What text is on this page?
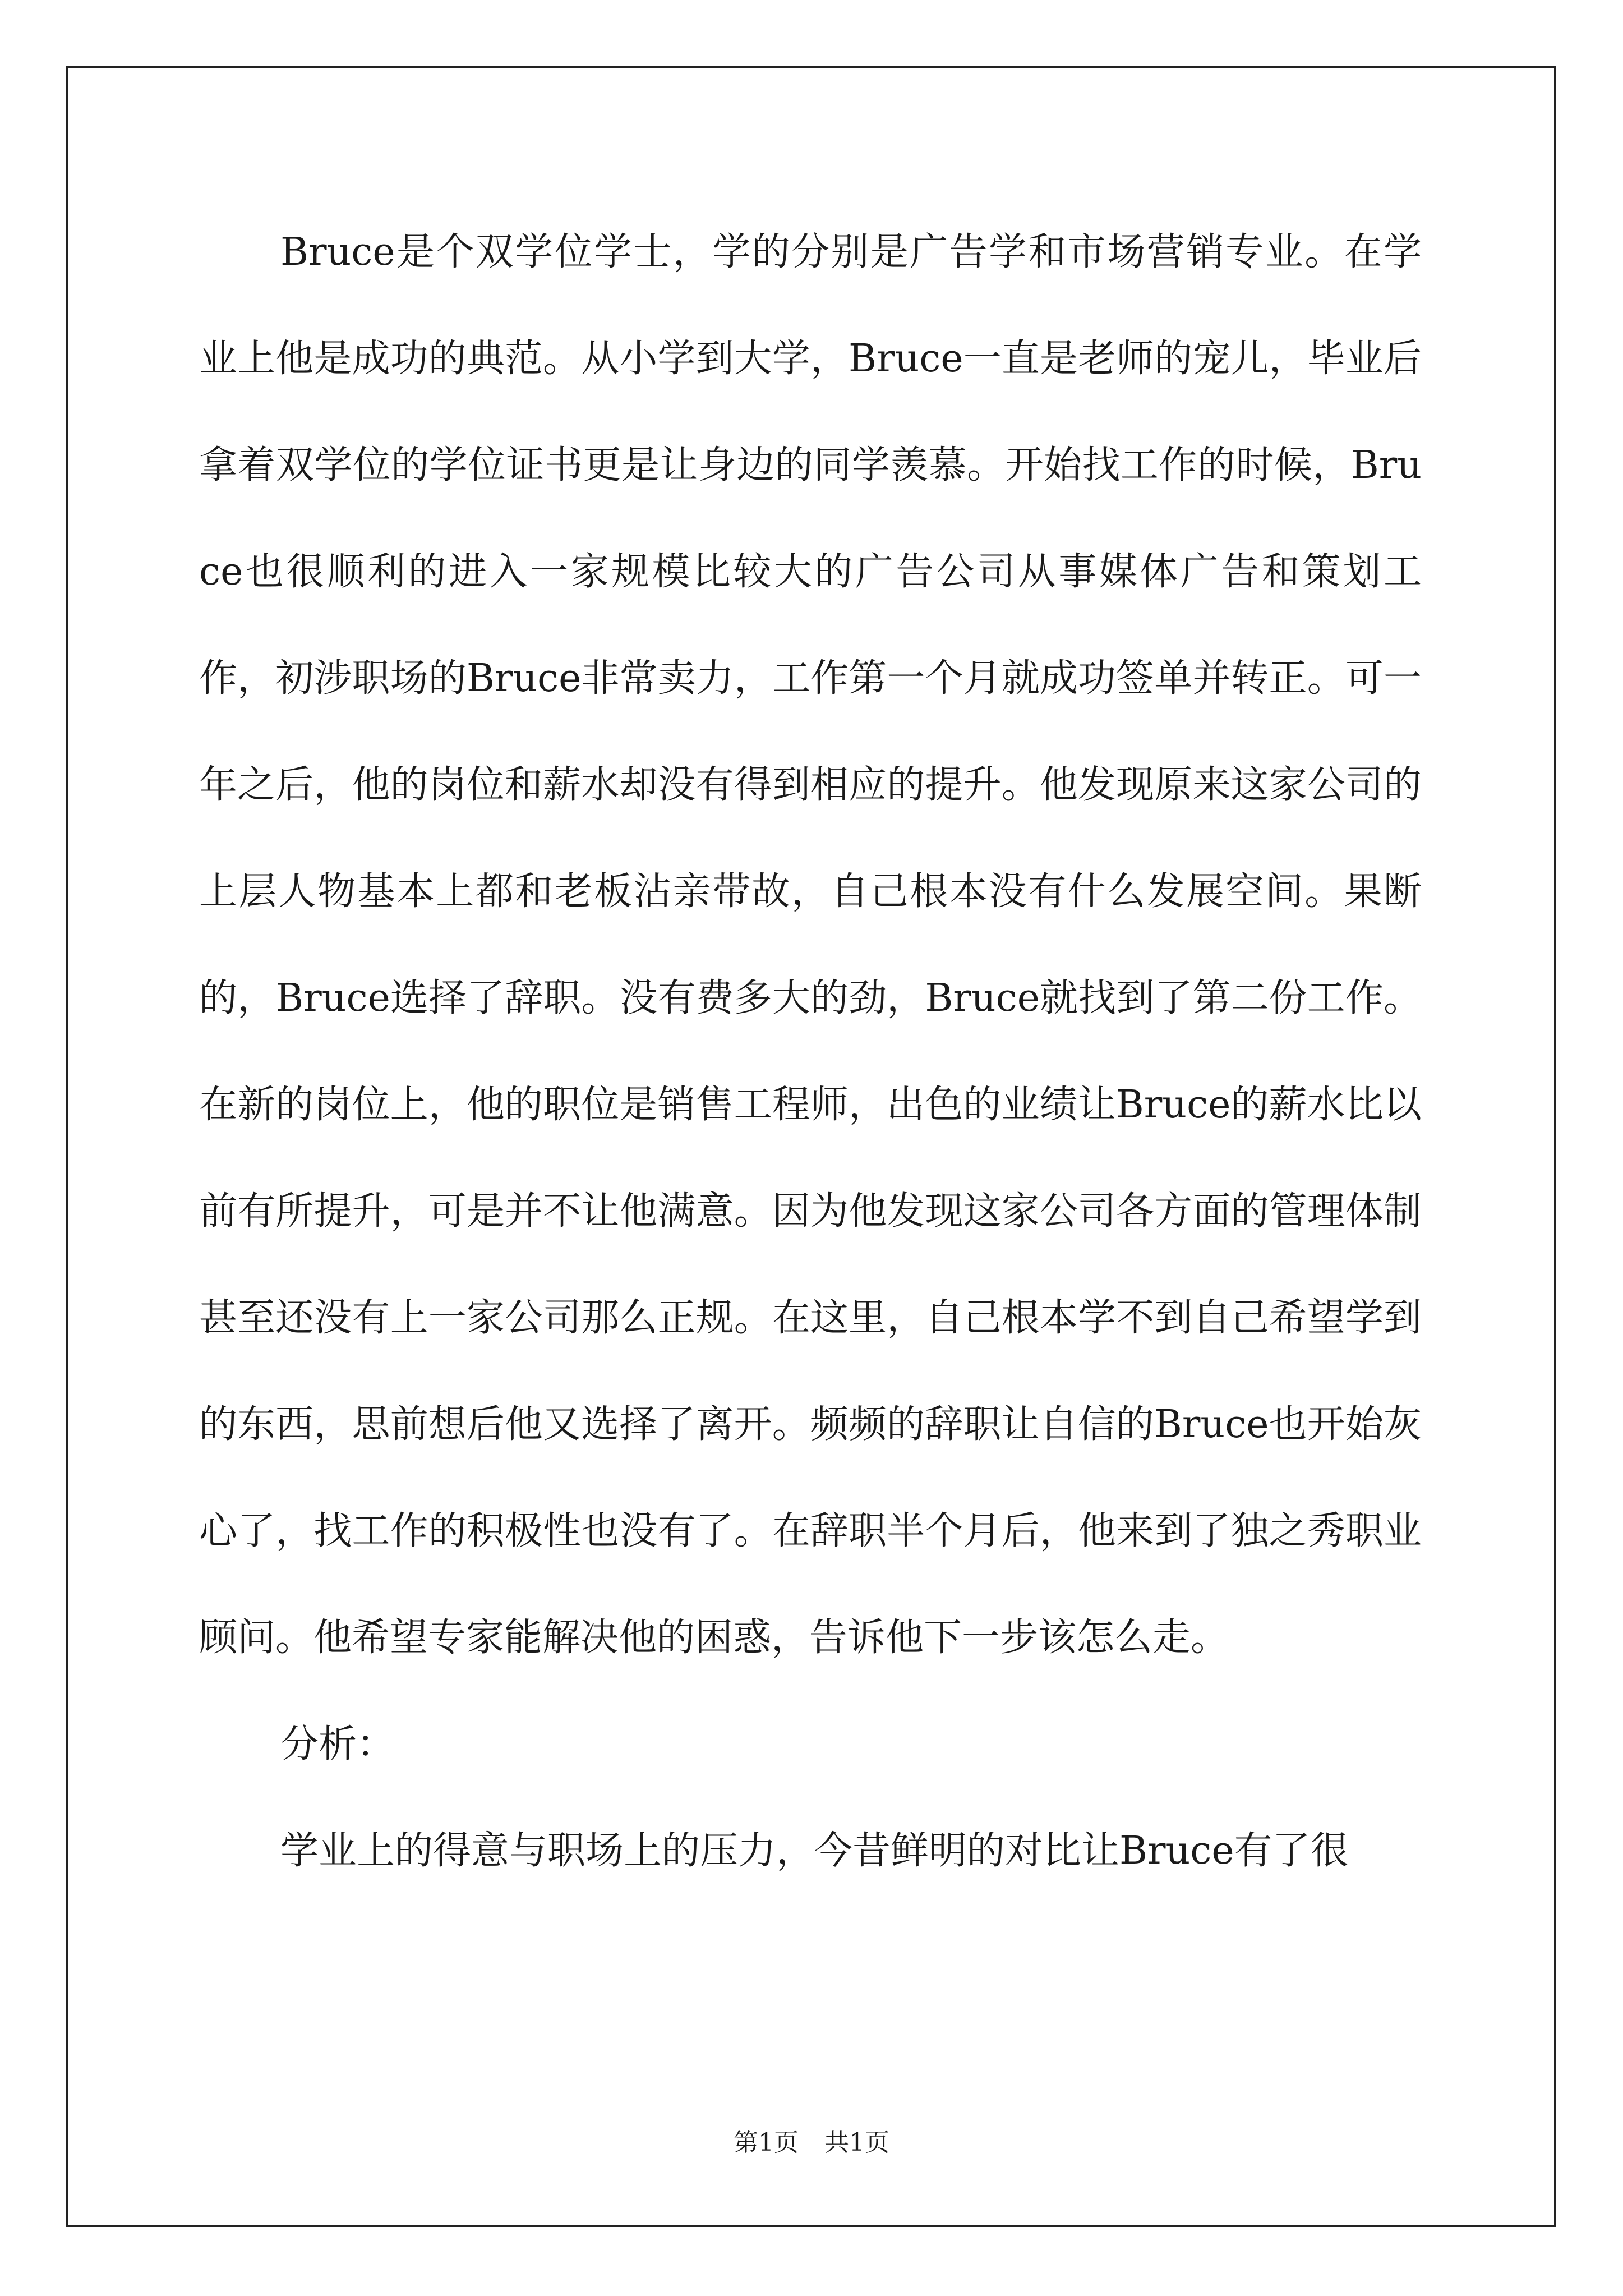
Bruce是个双学位学士，学的分别是广告学和市场营销专业。在学业上他是成功的典范。从小学到大学，Bruce一直是老师的宠儿，毕业后拿着双学位的学位证书更是让身边的同学羡慕。开始找工作的时候，Bruce也很顺利的进入一家规模比较大的广告公司从事媒体广告和策划工作，初涉职场的Bruce非常卖力，工作第一个月就成功签单并转正。可一年之后，他的岗位和薪水却没有得到相应的提升。他发现原来这家公司的上层人物基本上都和老板沾亲带故，自己根本没有什么发展空间。果断的，Bruce选择了辞职。没有费多大的劲，Bruce就找到了第二份工作。在新的岗位上，他的职位是销售工程师，出色的业绩让Bruce的薪水比以前有所提升，可是并不让他满意。因为他发现这家公司各方面的管理体制甚至还没有上一家公司那么正规。在这里，自己根本学不到自己希望学到的东西，思前想后他又选择了离开。频频的辞职让自信的Bruce也开始灰心了，找工作的积极性也没有了。在辞职半个月后，他来到了独之秀职业顾问。他希望专家能解决他的困惑，告诉他下一步该怎么走。

分析：

学业上的得意与职场上的压力，今昔鲜明的对比让Bruce有了很

第1页 共1页
